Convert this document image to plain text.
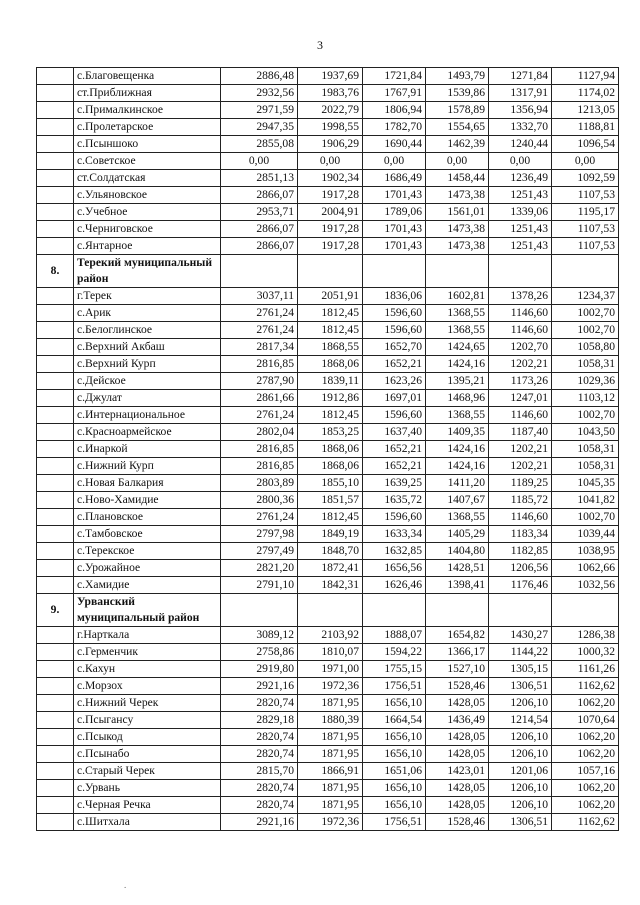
3
	с.Благовещенка	2886,48	1937,69	1721,84	1493,79	1271,84	1127,94
	ст.Приближная	2932,56	1983,76	1767,91	1539,86	1317,91	1174,02
	с.Прималкинское	2971,59	2022,79	1806,94	1578,89	1356,94	1213,05
	с.Пролетарское	2947,35	1998,55	1782,70	1554,65	1332,70	1188,81
	с.Псыншоко	2855,08	1906,29	1690,44	1462,39	1240,44	1096,54
	с.Советское	0,00	0,00	0,00	0,00	0,00	0,00
	ст.Солдатская	2851,13	1902,34	1686,49	1458,44	1236,49	1092,59
	с.Ульяновское	2866,07	1917,28	1701,43	1473,38	1251,43	1107,53
	с.Учебное	2953,71	2004,91	1789,06	1561,01	1339,06	1195,17
	с.Черниговское	2866,07	1917,28	1701,43	1473,38	1251,43	1107,53
	с.Янтарное	2866,07	1917,28	1701,43	1473,38	1251,43	1107,53
8.	Терекий муниципальный район						
	г.Терек	3037,11	2051,91	1836,06	1602,81	1378,26	1234,37
	с.Арик	2761,24	1812,45	1596,60	1368,55	1146,60	1002,70
	с.Белоглинское	2761,24	1812,45	1596,60	1368,55	1146,60	1002,70
	с.Верхний Акбаш	2817,34	1868,55	1652,70	1424,65	1202,70	1058,80
	с.Верхний Курп	2816,85	1868,06	1652,21	1424,16	1202,21	1058,31
	с.Дейское	2787,90	1839,11	1623,26	1395,21	1173,26	1029,36
	с.Джулат	2861,66	1912,86	1697,01	1468,96	1247,01	1103,12
	с.Интернациональное	2761,24	1812,45	1596,60	1368,55	1146,60	1002,70
	с.Красноармейское	2802,04	1853,25	1637,40	1409,35	1187,40	1043,50
	с.Инаркой	2816,85	1868,06	1652,21	1424,16	1202,21	1058,31
	с.Нижний Курп	2816,85	1868,06	1652,21	1424,16	1202,21	1058,31
	с.Новая Балкария	2803,89	1855,10	1639,25	1411,20	1189,25	1045,35
	с.Ново-Хамидие	2800,36	1851,57	1635,72	1407,67	1185,72	1041,82
	с.Плановское	2761,24	1812,45	1596,60	1368,55	1146,60	1002,70
	с.Тамбовское	2797,98	1849,19	1633,34	1405,29	1183,34	1039,44
	с.Терекское	2797,49	1848,70	1632,85	1404,80	1182,85	1038,95
	с.Урожайное	2821,20	1872,41	1656,56	1428,51	1206,56	1062,66
	с.Хамидие	2791,10	1842,31	1626,46	1398,41	1176,46	1032,56
9.	Урванский муниципальный район						
	г.Нарткала	3089,12	2103,92	1888,07	1654,82	1430,27	1286,38
	с.Герменчик	2758,86	1810,07	1594,22	1366,17	1144,22	1000,32
	с.Кахун	2919,80	1971,00	1755,15	1527,10	1305,15	1161,26
	с.Морзох	2921,16	1972,36	1756,51	1528,46	1306,51	1162,62
	с.Нижний Черек	2820,74	1871,95	1656,10	1428,05	1206,10	1062,20
	с.Псыгансу	2829,18	1880,39	1664,54	1436,49	1214,54	1070,64
	с.Псыкод	2820,74	1871,95	1656,10	1428,05	1206,10	1062,20
	с.Псынабо	2820,74	1871,95	1656,10	1428,05	1206,10	1062,20
	с.Старый Черек	2815,70	1866,91	1651,06	1423,01	1201,06	1057,16
	с.Урвань	2820,74	1871,95	1656,10	1428,05	1206,10	1062,20
	с.Черная Речка	2820,74	1871,95	1656,10	1428,05	1206,10	1062,20
	с.Шитхала	2921,16	1972,36	1756,51	1528,46	1306,51	1162,62
.
